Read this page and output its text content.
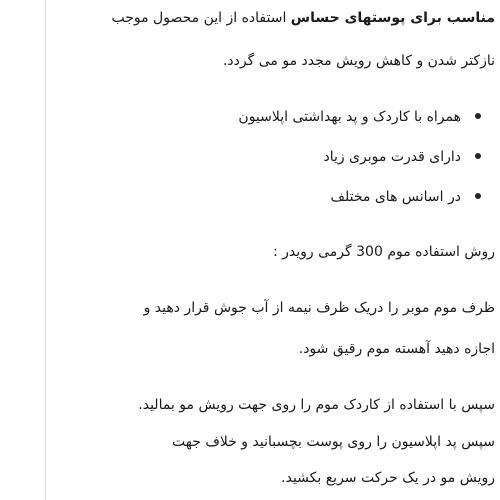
مناسب برای پوستهای حساس استفاده از این محصول موجب
نازکتر شدن و کاهش رویش مجدد مو می گردد.
همراه با کاردک و پد بهداشتی اپلاسیون
دارای قدرت موبری زیاد
در اسانس های مختلف
روش استفاده موم 300 گرمی رویدر :
ظرف موم موبر را دریک ظرف نیمه از آب جوش قرار دهید و
اجازه دهید آهسته موم رقیق شود.
سپس با استفاده از کاردک موم را روی جهت رویش مو بمالید.
سپس پد اپلاسیون را روی پوست بچسبانید و خلاف جهت
رویش مو در یک حرکت سریع بکشید.
